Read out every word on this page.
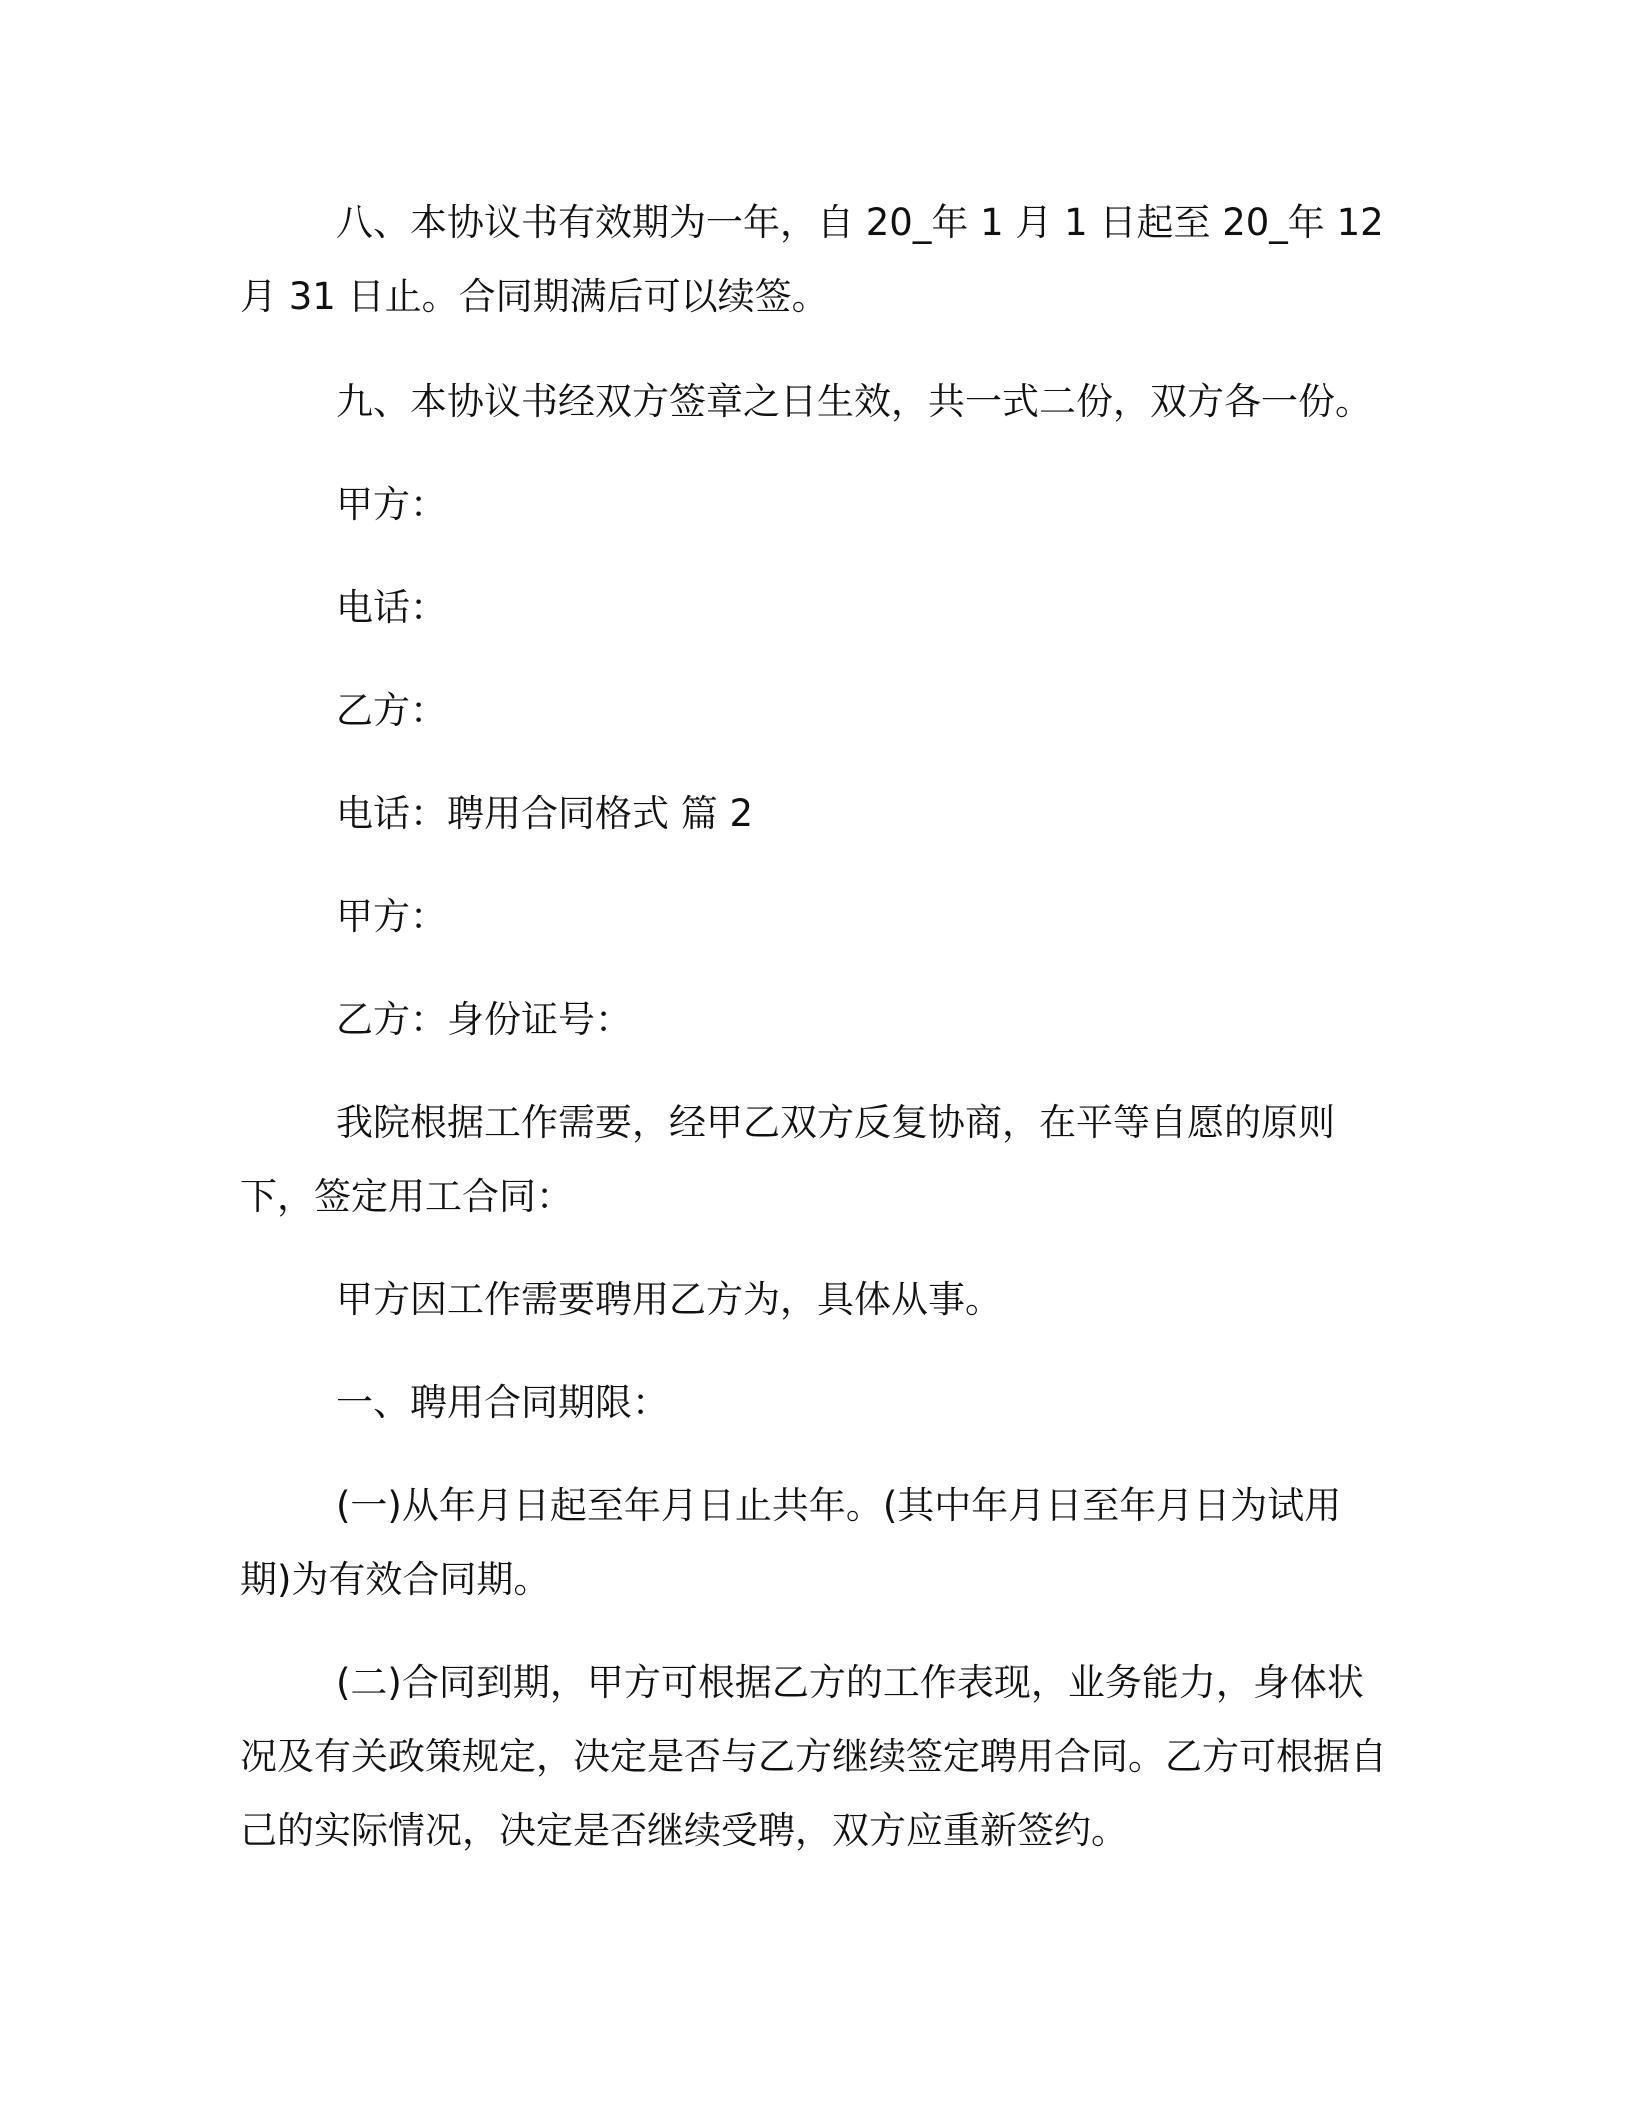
八、本协议书有效期为一年，自 20_年 1 月 1 日起至 20_年 12 月 31 日止。合同期满后可以续签。

九、本协议书经双方签章之日生效，共一式二份，双方各一份。

甲方：

电话：

乙方：

电话：聘用合同格式 篇 2

甲方：

乙方：身份证号：

我院根据工作需要，经甲乙双方反复协商，在平等自愿的原则下，签定用工合同：

甲方因工作需要聘用乙方为，具体从事。

一、聘用合同期限：

(一)从年月日起至年月日止共年。(其中年月日至年月日为试用期)为有效合同期。

(二)合同到期，甲方可根据乙方的工作表现，业务能力，身体状况及有关政策规定，决定是否与乙方继续签定聘用合同。乙方可根据自己的实际情况，决定是否继续受聘，双方应重新签约。
